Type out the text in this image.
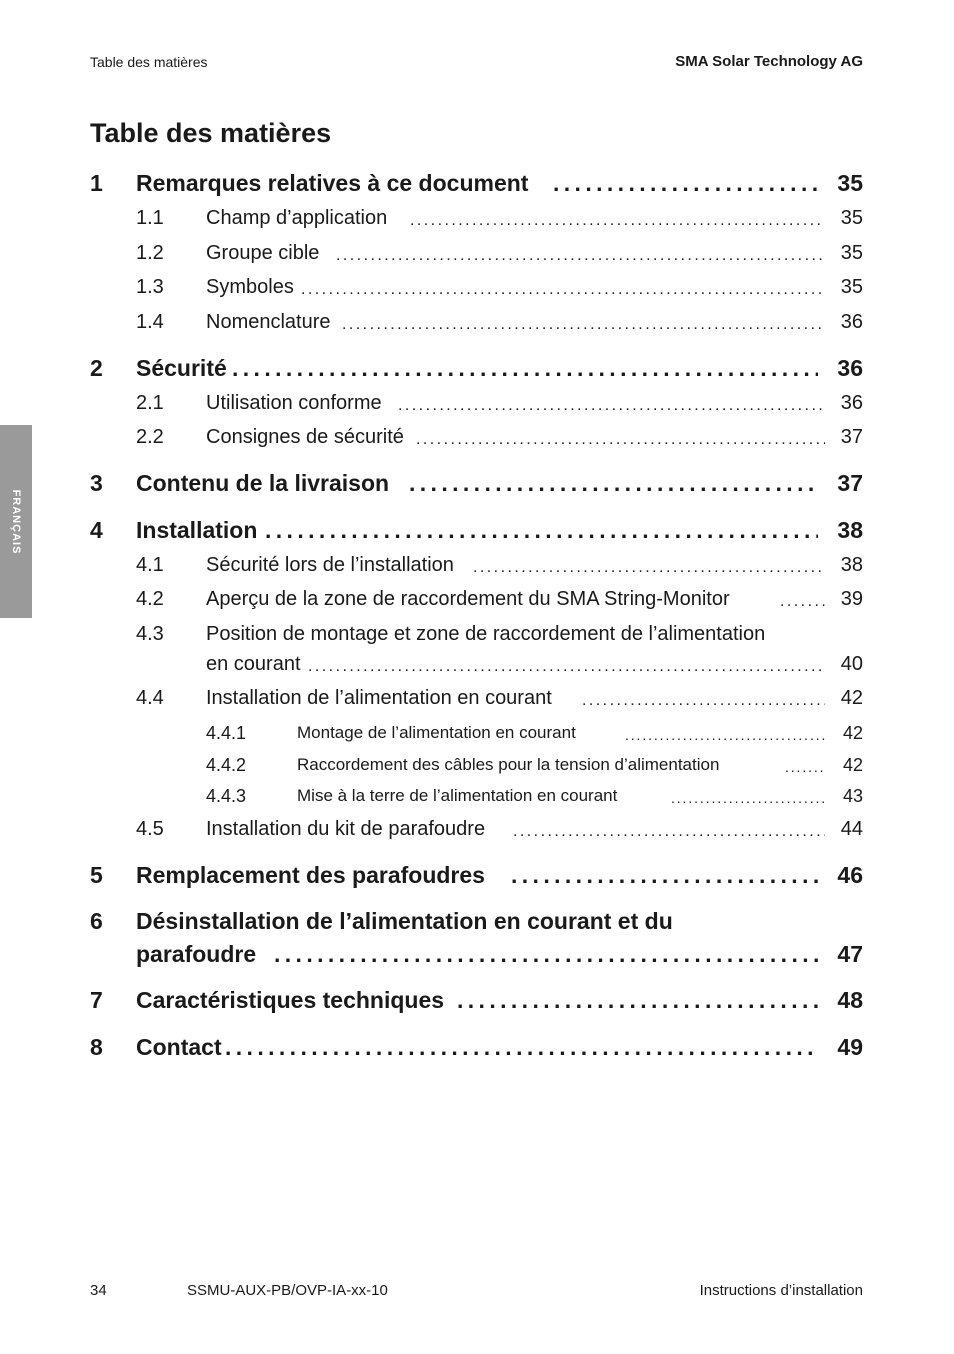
Table des matières	SMA Solar Technology AG
FRANÇAIS
Table des matières
1 Remarques relatives à ce document . . .	35
1.1 Champ d’application . . .	35
1.2 Groupe cible . . .	35
1.3 Symboles . . .	35
1.4 Nomenclature . . .	36
2 Sécurité . . .	36
2.1 Utilisation conforme . . .	36
2.2 Consignes de sécurité . . .	37
3 Contenu de la livraison . . .	37
4 Installation . . .	38
4.1 Sécurité lors de l’installation . . .	38
4.2 Aperçu de la zone de raccordement du SMA String-Monitor . . .	39
4.3 Position de montage et zone de raccordement de l’alimentation
en courant . . .	40
4.4 Installation de l’alimentation en courant . . .	42
4.4.1	Montage de l’alimentation en courant . . .	42
4.4.2	Raccordement des câbles pour la tension d’alimentation . . .	42
4.4.3	Mise à la terre de l’alimentation en courant . . .	43
4.5 Installation du kit de parafoudre . . .	44
5 Remplacement des parafoudres . . .	46
6 Désinstallation de l’alimentation en courant et du
parafoudre . . .	47
7 Caractéristiques techniques . . .	48
8 Contact . . .	49
34	SSMU-AUX-PB/OVP-IA-xx-10	Instructions d’installation
